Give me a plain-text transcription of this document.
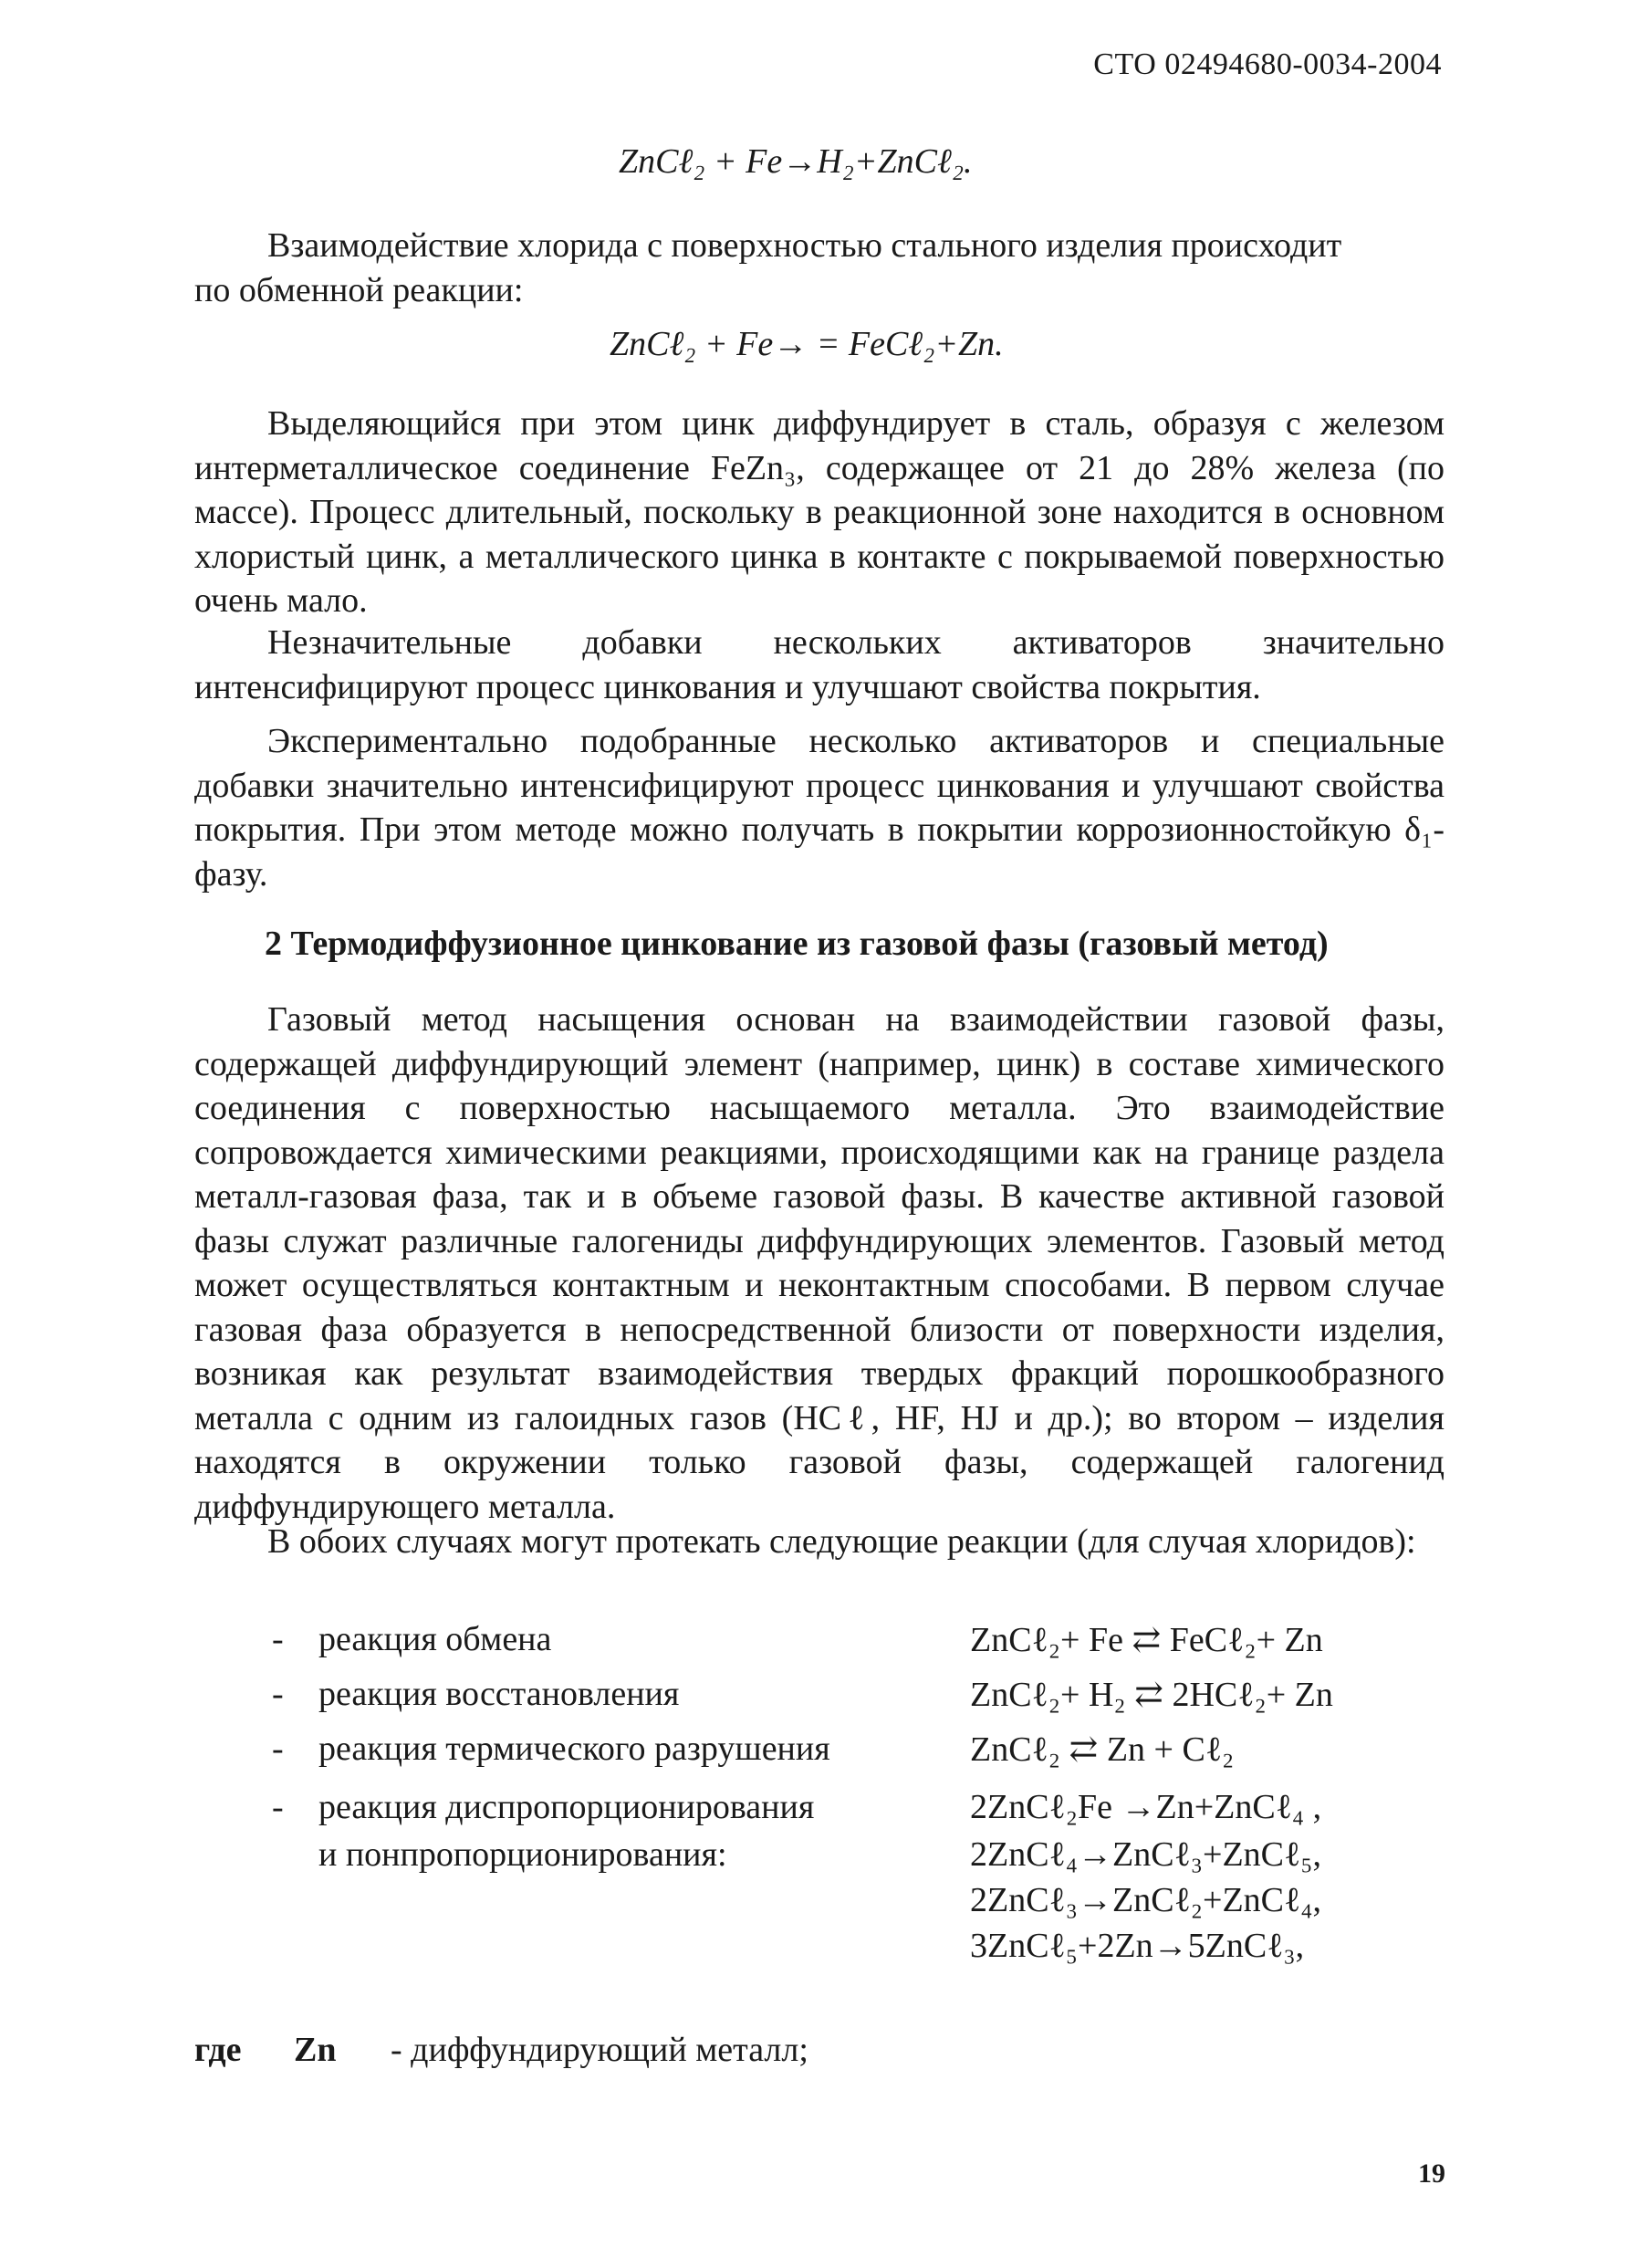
СТО 02494680-0034-2004
ZnCℓ₂ + Fe→H₂+ZnCℓ₂.
Взаимодействие хлорида с поверхностью стального изделия происходит
по обменной реакции:
ZnCℓ₂ + Fe→ = FeCℓ₂+Zn.

Выделяющийся при этом цинк диффундирует в сталь, образуя с железом интерметаллическое соединение FeZn₃, содержащее от 21 до 28% железа (по массе). Процесс длительный, поскольку в реакционной зоне находится в основном хлористый цинк, а металлического цинка в контакте с покрываемой поверхностью очень мало.

Незначительные добавки нескольких активаторов значительно интенсифицируют процесс цинкования и улучшают свойства покрытия.

Экспериментально подобранные несколько активаторов и специальные добавки значительно интенсифицируют процесс цинкования и улучшают свойства покрытия. При этом методе можно получать в покрытии коррозионностойкую δ₁-фазу.

2 Термодиффузионное цинкование из газовой фазы (газовый метод)

Газовый метод насыщения основан на взаимодействии газовой фазы, содержащей диффундирующий элемент (например, цинк) в составе химического соединения с поверхностью насыщаемого металла. Это взаимодействие сопровождается химическими реакциями, происходящими как на границе раздела металл-газовая фаза, так и в объеме газовой фазы. В качестве активной газовой фазы служат различные галогениды диффундирующих элементов. Газовый метод может осуществляться контактным и неконтактным способами. В первом случае газовая фаза образуется в непосредственной близости от поверхности изделия, возникая как результат взаимодействия твердых фракций порошкообразного металла с одним из галоидных газов (HCℓ, HF, HJ и др.); во втором – изделия находятся в окружении только газовой фазы, содержащей галогенид диффундирующего металла.

В обоих случаях могут протекать следующие реакции (для случая хлоридов):

- реакция обмена	ZnCℓ₂+ Fe ⇄ FeCℓ₂+ Zn
- реакция восстановления	ZnCℓ₂+ H₂ ⇄ 2HCℓ₂+ Zn
- реакция термического разрушения	ZnCℓ₂ ⇄ Zn + Cℓ₂
- реакция диспропорционирования	2ZnCℓ₂Fe →Zn+ZnCℓ₄ ,
и понпропорционирования:	2ZnCℓ₄→ZnCℓ₃+ZnCℓ₅,
2ZnCℓ₃→ZnCℓ₂+ZnCℓ₄,
3ZnCℓ₅+2Zn→5ZnCℓ₃,
где Zn - диффундирующий металл;
19
